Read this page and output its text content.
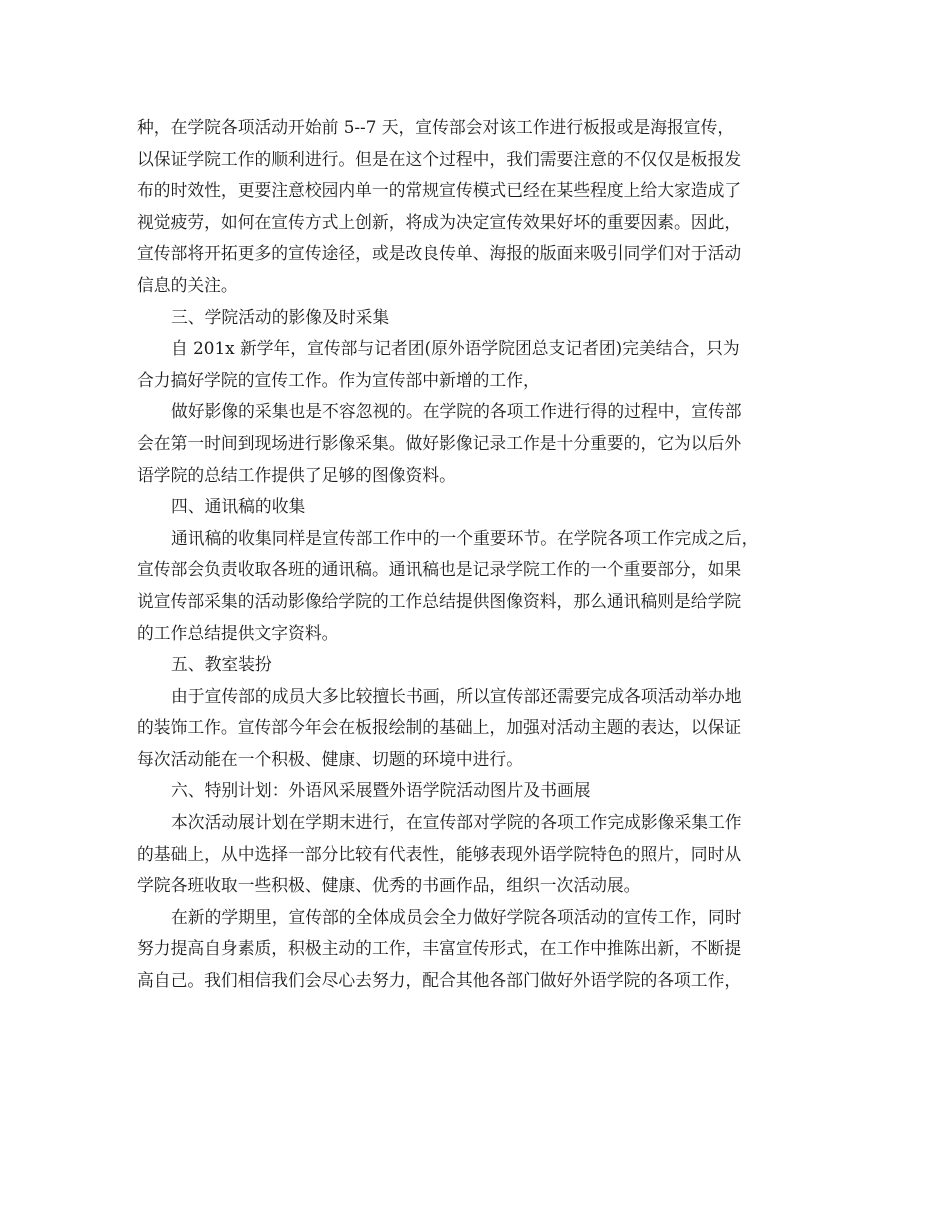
种，在学院各项活动开始前 5--7 天，宣传部会对该工作进行板报或是海报宣传，
以保证学院工作的顺利进行。但是在这个过程中，我们需要注意的不仅仅是板报发
布的时效性，更要注意校园内单一的常规宣传模式已经在某些程度上给大家造成了
视觉疲劳，如何在宣传方式上创新，将成为决定宣传效果好坏的重要因素。因此，
宣传部将开拓更多的宣传途径，或是改良传单、海报的版面来吸引同学们对于活动
信息的关注。
三、学院活动的影像及时采集
自 201x 新学年，宣传部与记者团(原外语学院团总支记者团)完美结合，只为
合力搞好学院的宣传工作。作为宣传部中新增的工作，
做好影像的采集也是不容忽视的。在学院的各项工作进行得的过程中，宣传部
会在第一时间到现场进行影像采集。做好影像记录工作是十分重要的，它为以后外
语学院的总结工作提供了足够的图像资料。
四、通讯稿的收集
通讯稿的收集同样是宣传部工作中的一个重要环节。在学院各项工作完成之后，
宣传部会负责收取各班的通讯稿。通讯稿也是记录学院工作的一个重要部分，如果
说宣传部采集的活动影像给学院的工作总结提供图像资料，那么通讯稿则是给学院
的工作总结提供文字资料。
五、教室装扮
由于宣传部的成员大多比较擅长书画，所以宣传部还需要完成各项活动举办地
的装饰工作。宣传部今年会在板报绘制的基础上，加强对活动主题的表达，以保证
每次活动能在一个积极、健康、切题的环境中进行。
六、特别计划：外语风采展暨外语学院活动图片及书画展
本次活动展计划在学期末进行，在宣传部对学院的各项工作完成影像采集工作
的基础上，从中选择一部分比较有代表性，能够表现外语学院特色的照片，同时从
学院各班收取一些积极、健康、优秀的书画作品，组织一次活动展。
在新的学期里，宣传部的全体成员会全力做好学院各项活动的宣传工作，同时
努力提高自身素质，积极主动的工作，丰富宣传形式，在工作中推陈出新，不断提
高自己。我们相信我们会尽心去努力，配合其他各部门做好外语学院的各项工作，
